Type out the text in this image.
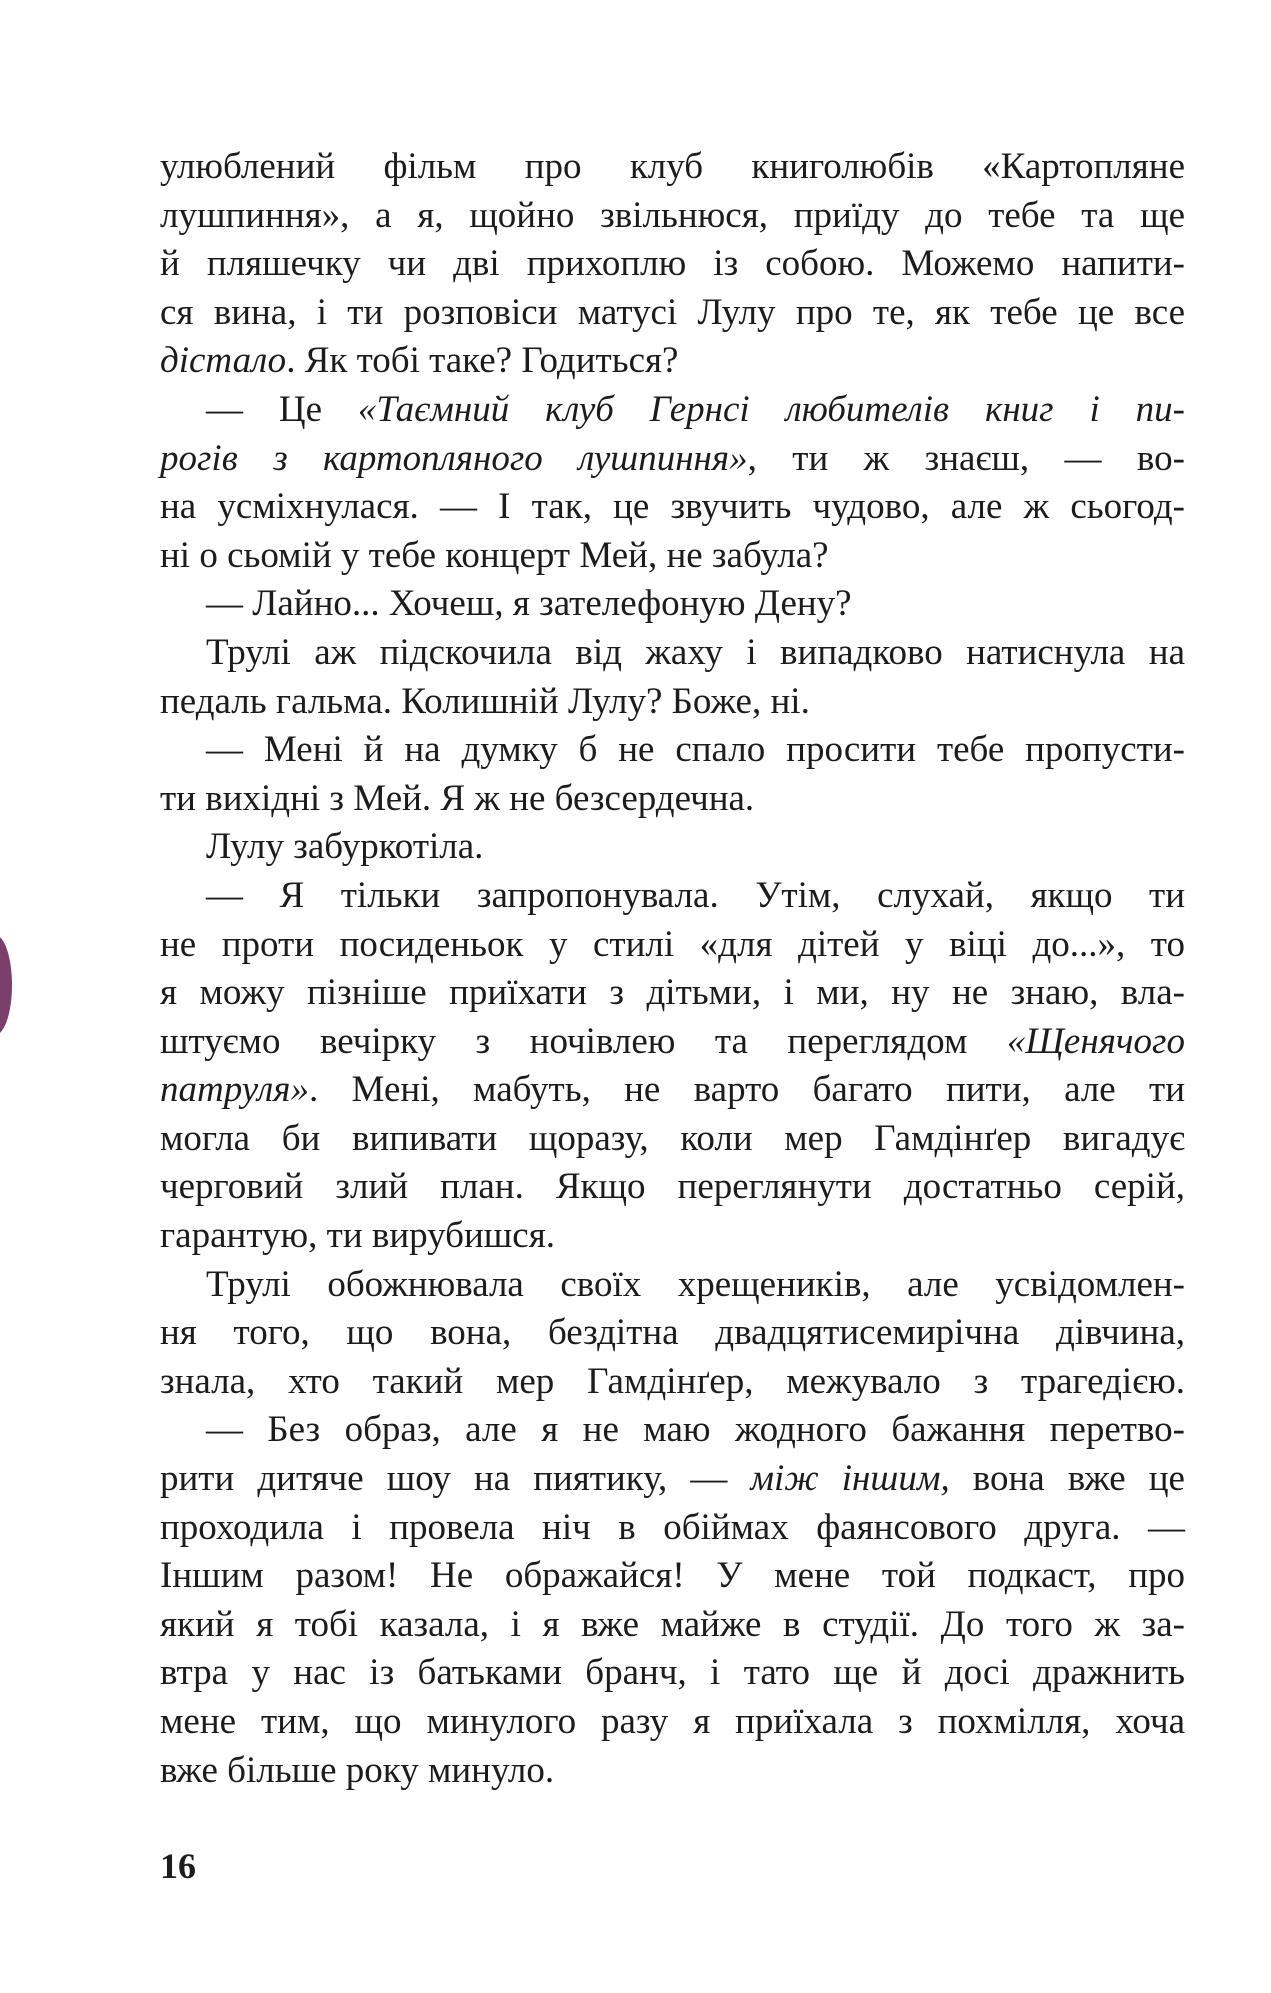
улюблений фільм про клуб книголюбів «Картопляне
лушпиння», а я, щойно звільнюся, приїду до тебе та ще
й пляшечку чи дві прихоплю із собою. Можемо напити-
ся вина, і ти розповіси матусі Лулу про те, як тебе це все
дістало. Як тобі таке? Годиться?
— Це «Таємний клуб Гернсі любителів книг і пи-
рогів з картопляного лушпиння», ти ж знаєш, — во-
на усміхнулася. — І так, це звучить чудово, але ж сьогод-
ні о сьомій у тебе концерт Мей, не забула?
— Лайно... Хочеш, я зателефоную Дену?
Трулі аж підскочила від жаху і випадково натиснула на
педаль гальма. Колишній Лулу? Боже, ні.
— Мені й на думку б не спало просити тебе пропусти-
ти вихідні з Мей. Я ж не безсердечна.
Лулу забуркотіла.
— Я тільки запропонувала. Утім, слухай, якщо ти
не проти посиденьок у стилі «для дітей у віці до...», то
я можу пізніше приїхати з дітьми, і ми, ну не знаю, вла-
штуємо вечірку з ночівлею та переглядом «Щенячого
патруля». Мені, мабуть, не варто багато пити, але ти
могла би випивати щоразу, коли мер Гамдінґер вигадує
черговий злий план. Якщо переглянути достатньо серій,
гарантую, ти вирубишся.
Трулі обожнювала своїх хрещеників, але усвідомлен-
ня того, що вона, бездітна двадцятисемирічна дівчина,
знала, хто такий мер Гамдінґер, межувало з трагедією.
— Без образ, але я не маю жодного бажання перетво-
рити дитяче шоу на пиятику, — між іншим, вона вже це
проходила і провела ніч в обіймах фаянсового друга. —
Іншим разом! Не ображайся! У мене той подкаст, про
який я тобі казала, і я вже майже в студії. До того ж за-
втра у нас із батьками бранч, і тато ще й досі дражнить
мене тим, що минулого разу я приїхала з похмілля, хоча
вже більше року минуло.
16
